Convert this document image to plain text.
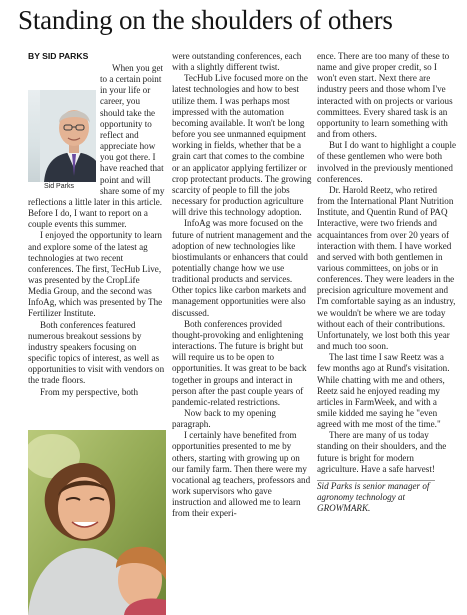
Standing on the shoulders of others
BY SID PARKS

Sid Parks
When you get to a certain point in your life or career, you should take the opportunity to reflect and appreciate how you got there. I have reached that point and will share some of my reflections a little later in this article. Before I do, I want to report on a couple events this summer.

I enjoyed the opportunity to learn and explore some of the latest ag technologies at two recent conferences. The first, TecHub Live, was presented by the CropLife Media Group, and the second was InfoAg, which was presented by The Fertilizer Institute.

Both conferences featured numerous breakout sessions by industry speakers focusing on specific topics of interest, as well as opportunities to visit with vendors on the trade floors.

From my perspective, both

were outstanding conferences, each with a slightly different twist.

TecHub Live focused more on the latest technologies and how to best utilize them. I was perhaps most impressed with the automation becoming available. It won't be long before you see unmanned equipment working in fields, whether that be a grain cart that comes to the combine or an applicator applying fertilizer or crop protectant products. The growing scarcity of people to fill the jobs necessary for production agriculture will drive this technology adoption.

InfoAg was more focused on the future of nutrient management and the adoption of new technologies like biostimulants or enhancers that could potentially change how we use traditional products and services. Other topics like carbon markets and management opportunities were also discussed.

Both conferences provided thought-provoking and enlightening interactions. The future is bright but will require us to be open to opportunities. It was great to be back together in groups and interact in person after the past couple years of pandemic-related restrictions.

Now back to my opening paragraph.

I certainly have benefited from opportunities presented to me by others, starting with growing up on our family farm. Then there were my vocational ag teachers, professors and work supervisors who gave instruction and allowed me to learn from their experi-

ence. There are too many of these to name and give proper credit, so I won't even start. Next there are industry peers and those whom I've interacted with on projects or various committees. Every shared task is an opportunity to learn something with and from others.

But I do want to highlight a couple of these gentlemen who were both involved in the previously mentioned conferences.

Dr. Harold Reetz, who retired from the International Plant Nutrition Institute, and Quentin Rund of PAQ Interactive, were two friends and acquaintances from over 20 years of interaction with them. I have worked and served with both gentlemen in various committees, on jobs or in conferences. They were leaders in the precision agriculture movement and I'm comfortable saying as an industry, we wouldn't be where we are today without each of their contributions. Unfortunately, we lost both this year and much too soon.

The last time I saw Reetz was a few months ago at Rund's visitation. While chatting with me and others, Reetz said he enjoyed reading my articles in FarmWeek, and with a smile kidded me saying he "even agreed with me most of the time."

There are many of us today standing on their shoulders, and the future is bright for modern agriculture. Have a safe harvest!

Sid Parks is senior manager of agronomy technology at GROWMARK.
